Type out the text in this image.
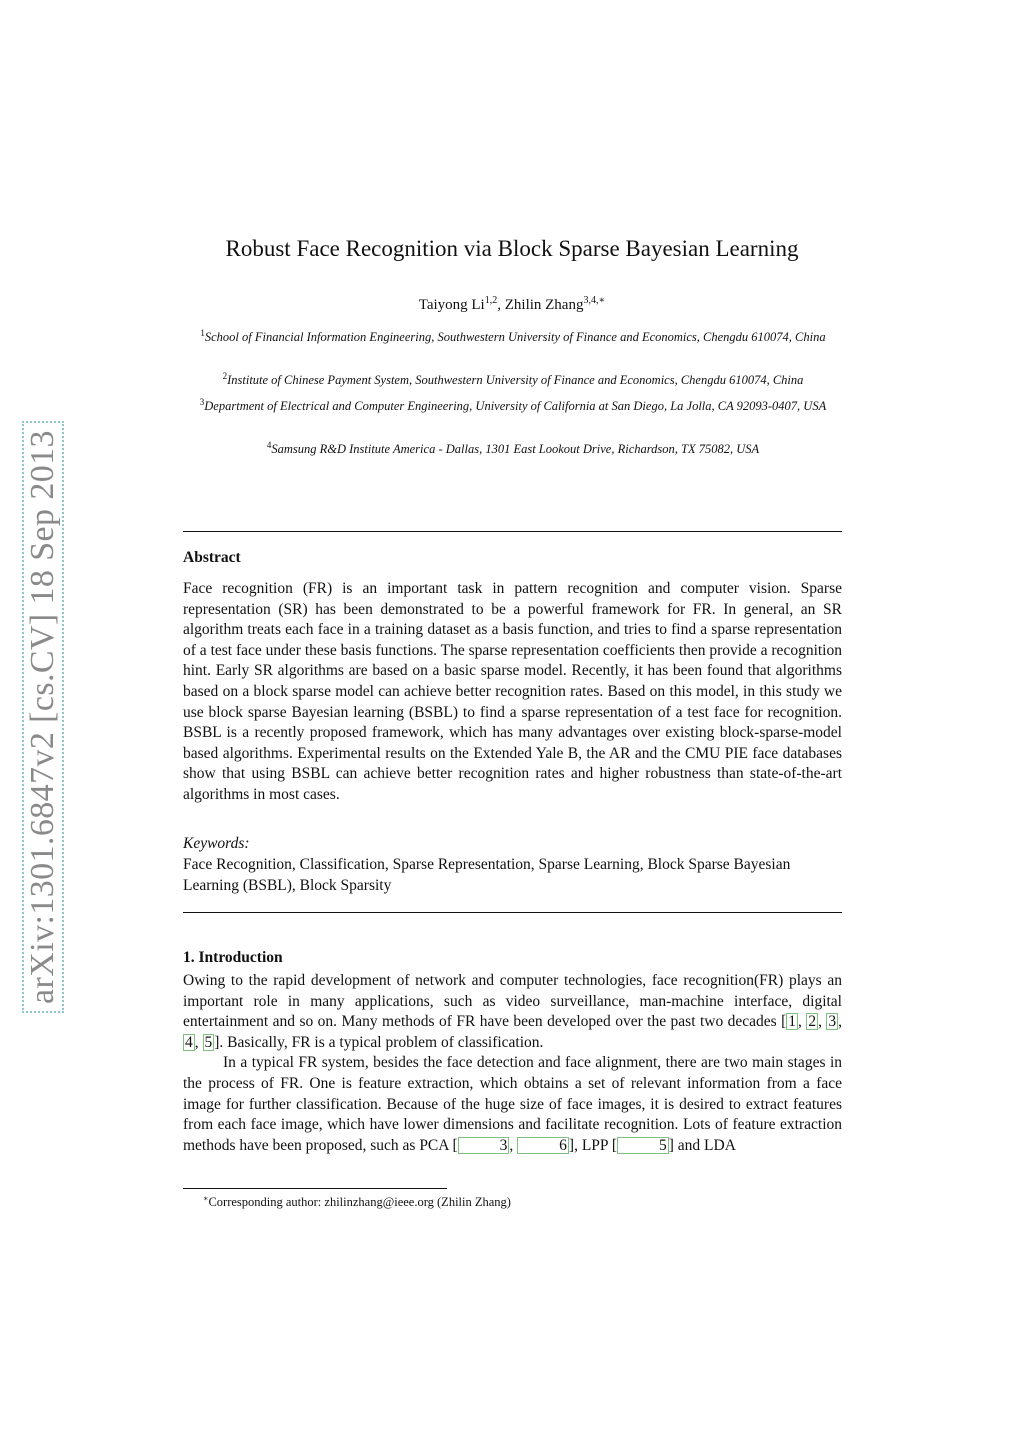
arXiv:1301.6847v2 [cs.CV] 18 Sep 2013
Robust Face Recognition via Block Sparse Bayesian Learning
Taiyong Li$^{1,2}$, Zhilin Zhang$^{3,4,∗}$
$^1$School of Financial Information Engineering, Southwestern University of Finance and Economics, Chengdu 610074, China
$^2$Institute of Chinese Payment System, Southwestern University of Finance and Economics, Chengdu 610074, China
$^3$Department of Electrical and Computer Engineering, University of California at San Diego, La Jolla, CA 92093-0407, USA
$^4$Samsung R&D Institute America - Dallas, 1301 East Lookout Drive, Richardson, TX 75082, USA
Abstract
Face recognition (FR) is an important task in pattern recognition and computer vision. Sparse representation (SR) has been demonstrated to be a powerful framework for FR. In general, an SR algorithm treats each face in a training dataset as a basis function, and tries to find a sparse representation of a test face under these basis functions. The sparse representation coefficients then provide a recognition hint. Early SR algorithms are based on a basic sparse model. Recently, it has been found that algorithms based on a block sparse model can achieve better recognition rates. Based on this model, in this study we use block sparse Bayesian learning (BSBL) to find a sparse representation of a test face for recognition. BSBL is a recently proposed framework, which has many advantages over existing block-sparse-model based algorithms. Experimental results on the Extended Yale B, the AR and the CMU PIE face databases show that using BSBL can achieve better recognition rates and higher robustness than state-of-the-art algorithms in most cases.
Keywords:
Face Recognition, Classification, Sparse Representation, Sparse Learning, Block Sparse Bayesian Learning (BSBL), Block Sparsity
1. Introduction

Owing to the rapid development of network and computer technologies, face recognition(FR) plays an important role in many applications, such as video surveillance, man-machine interface, digital entertainment and so on. Many methods of FR have been developed over the past two decades [ 1 , 2 , 3 , 4 , 5 ]. Basically, FR is a typical problem of classification.

In a typical FR system, besides the face detection and face alignment, there are two main stages in the process of FR. One is feature extraction, which obtains a set of relevant information from a face image for further classification. Because of the huge size of face images, it is desired to extract features from each face image, which have lower dimensions and facilitate recognition. Lots of feature extraction methods have been proposed, such as PCA [	3 ,	6 ], LPP [	5 ] and LDA

∗Corresponding author: zhilinzhang@ieee.org (Zhilin Zhang)
